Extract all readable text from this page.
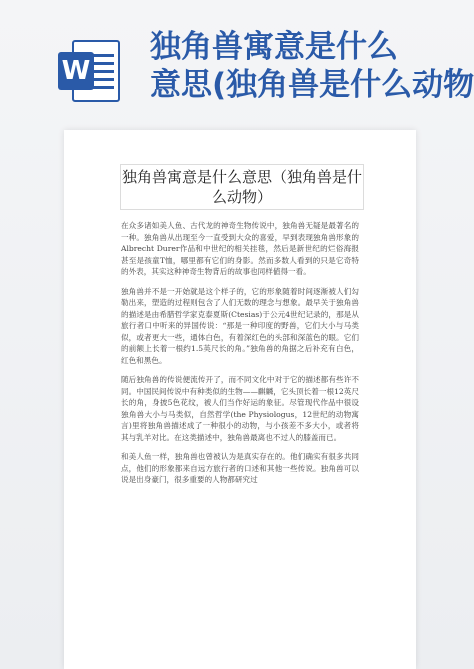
W
独角兽寓意是什么
意思(独角兽是什么动物
独角兽寓意是什么意思（独角兽是什么动物）

在众多诸如美人鱼、古代龙的神奇生物传说中，独角兽无疑是最著名的一种。独角兽从出现至今一直受到大众的喜爱，早到表现独角兽形象的Albrecht Durer作品和中世纪的相关挂毯，然后是新世纪的烂俗海报甚至是孩童T恤，哪里都有它们的身影。然而多数人看到的只是它奇特的外表，其实这种神奇生物背后的故事也同样値得一看。

独角兽并不是一开始就是这个样子的，它的形象随着时间逐渐被人们勾勒出来，塑造的过程则包含了人们无数的理念与想象。最早关于独角兽的描述是由希腊哲学家克泰夏斯(Ctesias)于公元4世纪记录的，那是从旅行者口中听来的异国传说：“那是一种印度的野兽，它们大小与马类似，或者更大一些，通体白色，有着深红色的头部和深蓝色的眼。它们的前额上长着一根约1.5英尺长的角。”独角兽的角据之后补充有白色，红色和黑色。

随后独角兽的传说便流传开了，而不同文化中对于它的描述都有些许不同。中国民间传说中有种类似的生物——麒麟，它头顶长着一根12英尺长的角，身披5色花纹，被人们当作好运的象征。尽管现代作品中很设独角兽大小与马类似，自然哲学(the Physiologus，12世纪的动物寓言)里将独角兽描述成了一种很小的动物，与小孩差不多大小，或者将其与乳羊对比。在这类描述中，独角兽最离也不过人的膝盖而已。

和美人鱼一样，独角兽也曾被认为是真实存在的。他们确实有很多共同点，他们的形象都来自远方旅行者的口述和其他一些传说。独角兽可以说是出身豪门，很多重要的人物都研究过
